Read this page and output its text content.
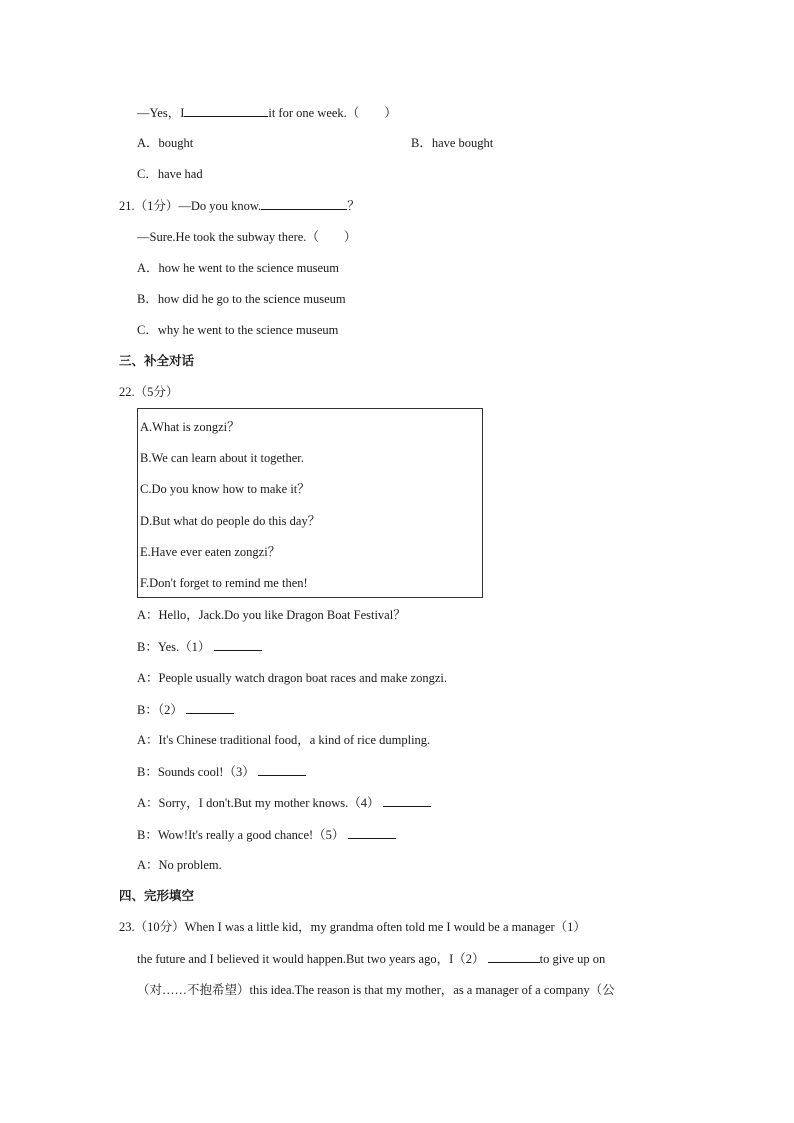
—Yes，I	it for one week.（　　）
A．bought	B．have bought
C．have had
21.（1分）—Do you know.	？
—Sure.He took the subway there.（　　）
A．how he went to the science museum
B．how did he go to the science museum
C．why he went to the science museum
三、补全对话
22.（5分）
A.What is zongzi？
B.We can learn about it together.
C.Do you know how to make it？
D.But what do people do this day？
E.Have ever eaten zongzi？
F.Don't forget to remind me then!
A：Hello，Jack.Do you like Dragon Boat Festival？
B：Yes.（1）
A：People usually watch dragon boat races and make zongzi.
B：（2）
A：It's Chinese traditional food，a kind of rice dumpling.
B：Sounds cool!（3）
A：Sorry，I don't.But my mother knows.（4）
B：Wow!It's really a good chance!（5）
A：No problem.
四、完形填空
23.（10分）When I was a little kid，my grandma often told me I would be a manager（1）
the future and I believed it would happen.But two years ago，I（2）	to give up on
（对……不抱希望）this idea.The reason is that my mother，as a manager of a company（公
